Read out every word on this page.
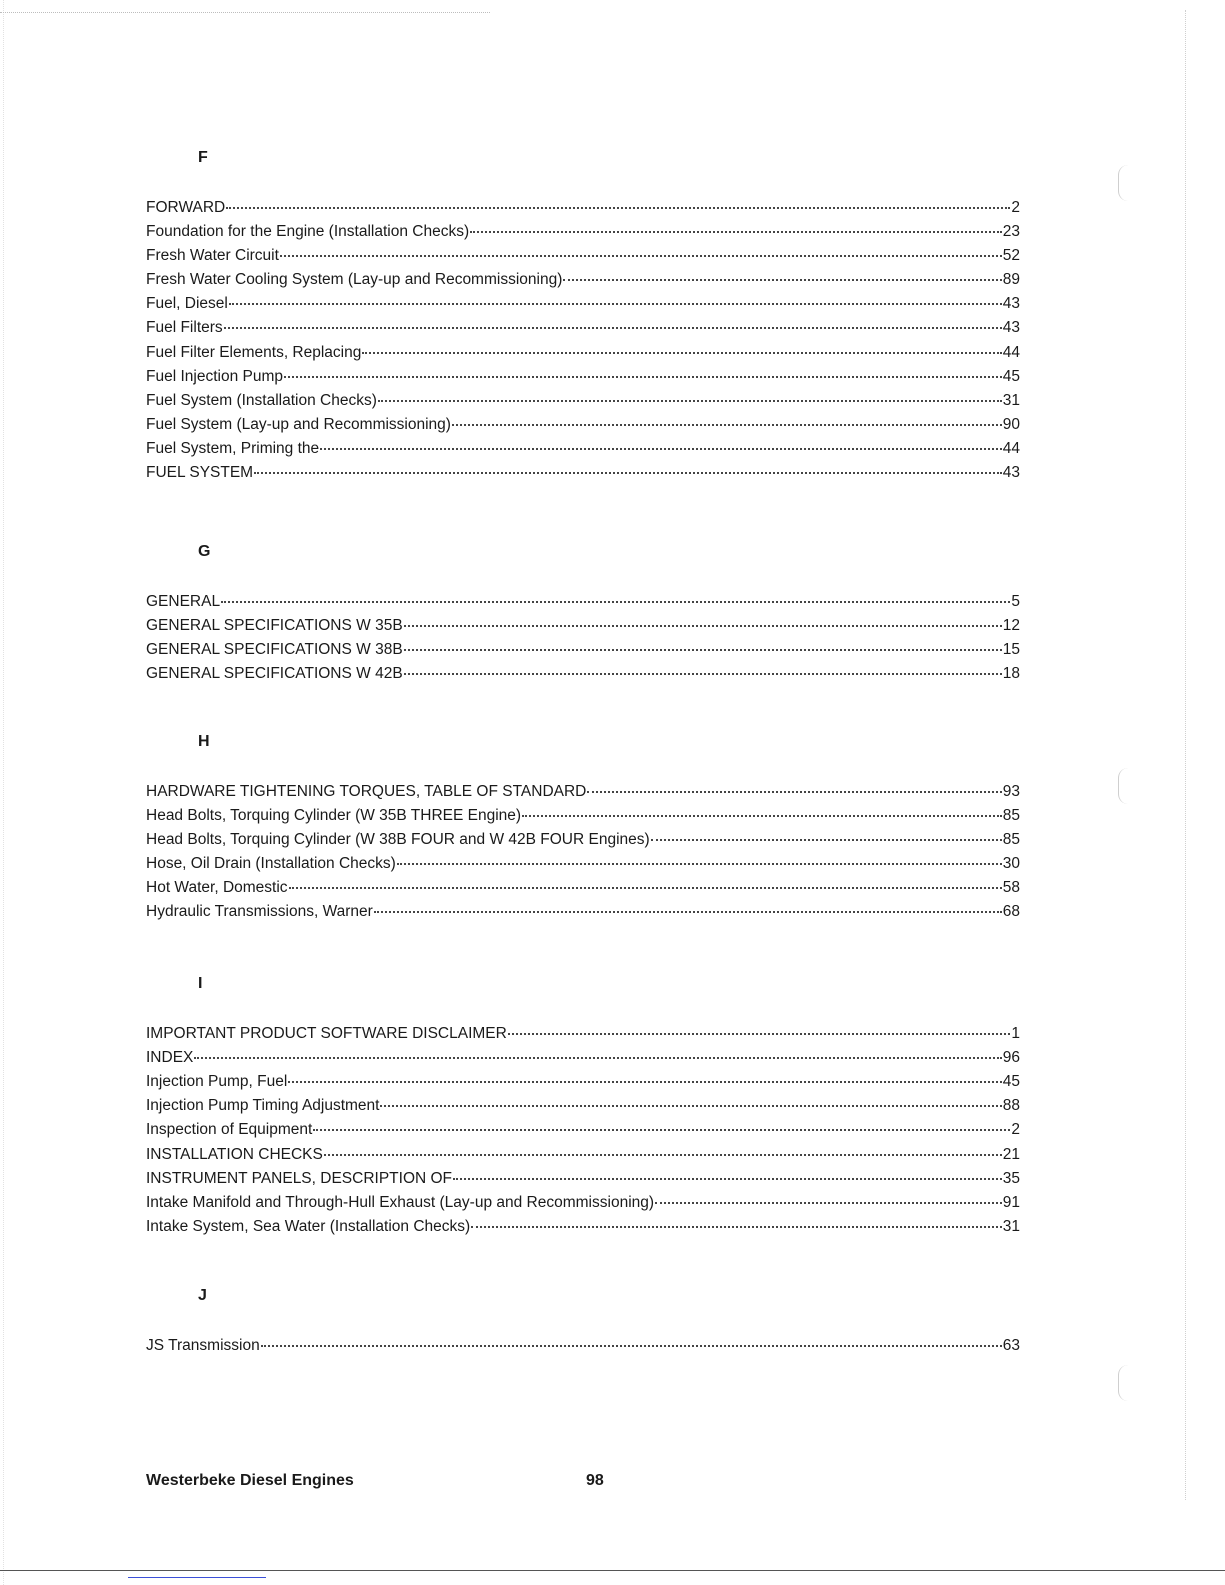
F
FORWARD	2
Foundation for the Engine (Installation Checks)	23
Fresh Water Circuit	52
Fresh Water Cooling System (Lay-up and Recommissioning)	89
Fuel, Diesel	43
Fuel Filters	43
Fuel Filter Elements, Replacing	44
Fuel Injection Pump	45
Fuel System (Installation Checks)	31
Fuel System (Lay-up and Recommissioning)	90
Fuel System, Priming the	44
FUEL SYSTEM	43
G
GENERAL	5
GENERAL SPECIFICATIONS W 35B	12
GENERAL SPECIFICATIONS W 38B	15
GENERAL SPECIFICATIONS W 42B	18
H
HARDWARE TIGHTENING TORQUES, TABLE OF STANDARD	93
Head Bolts, Torquing Cylinder (W 35B THREE Engine)	85
Head Bolts, Torquing Cylinder (W 38B FOUR and W 42B FOUR Engines)	85
Hose, Oil Drain (Installation Checks)	30
Hot Water, Domestic	58
Hydraulic Transmissions, Warner	68
I
IMPORTANT PRODUCT SOFTWARE DISCLAIMER	1
INDEX	96
Injection Pump, Fuel	45
Injection Pump Timing Adjustment	88
Inspection of Equipment	2
INSTALLATION CHECKS	21
INSTRUMENT PANELS, DESCRIPTION OF	35
Intake Manifold and Through-Hull Exhaust (Lay-up and Recommissioning)	91
Intake System, Sea Water (Installation Checks)	31
J
JS Transmission	63
Westerbeke Diesel Engines	98
